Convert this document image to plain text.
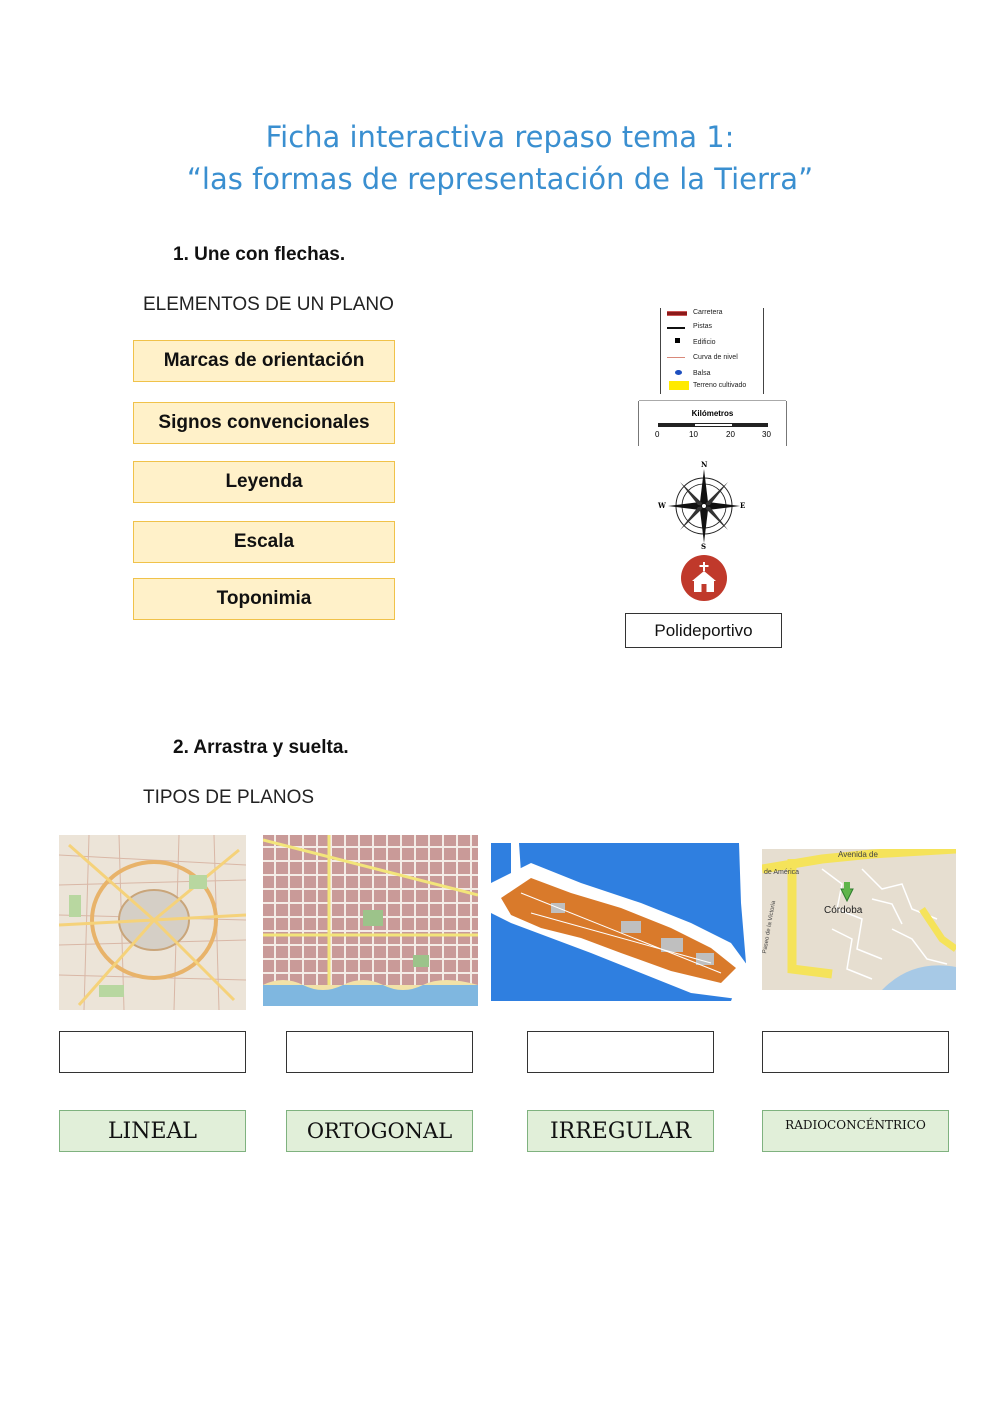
Ficha interactiva repaso tema 1:
“las formas de representación de la Tierra”
1. Une con flechas.
ELEMENTOS DE UN PLANO
Marcas de orientación
Signos convencionales
Leyenda
Escala
Toponimia
Carretera
Pistas
Edificio
Curva de nivel
Balsa
Terreno cultivado
Kilómetros
0	10	20	30
N
S
E
W
Polideportivo
2. Arrastra y suelta.
TIPOS DE PLANOS
Córdoba
Avenida de
de América
Paseo de la Victoria
LINEAL	ORTOGONAL	IRREGULAR	RADIOCONCÉNTRICO
